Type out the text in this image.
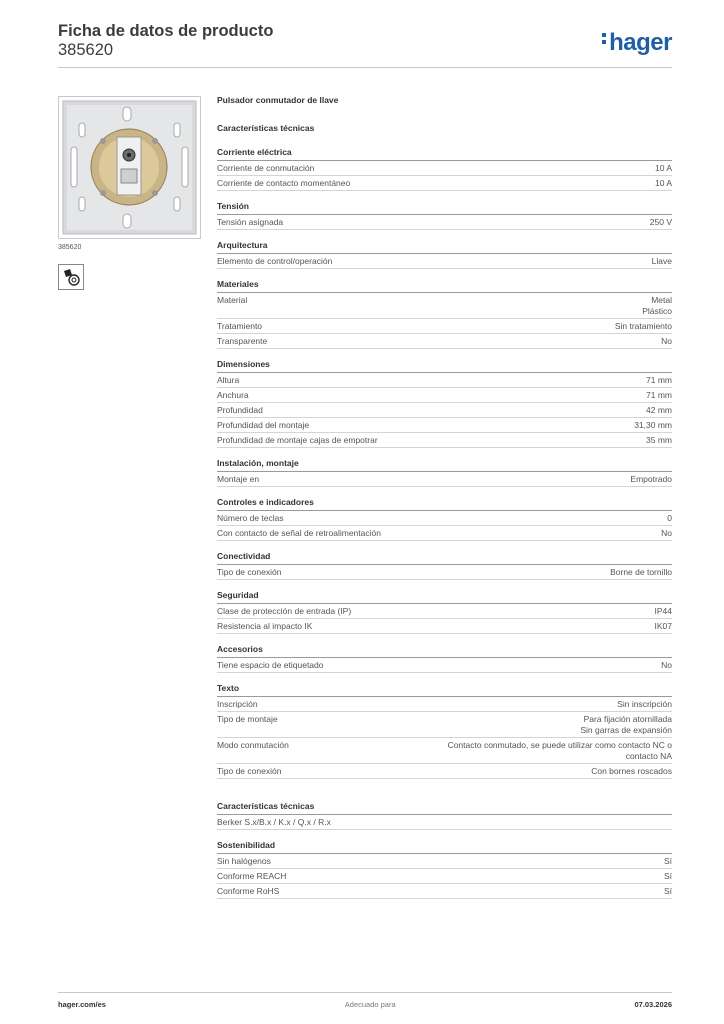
Ficha de datos de producto
385620	hager
385620
Pulsador conmutador de llave
Características técnicas
Corriente eléctrica
Corriente de conmutación	10 A
Corriente de contacto momentáneo	10 A
Tensión
Tensión asignada	250 V
Arquitectura
Elemento de control/operación	Llave
Materiales
Material	Metal
Plástico
Tratamiento	Sin tratamiento
Transparente	No
Dimensiones
Altura	71 mm
Anchura	71 mm
Profundidad	42 mm
Profundidad del montaje	31,30 mm
Profundidad de montaje cajas de empotrar	35 mm
Instalación, montaje
Montaje en	Empotrado
Controles e indicadores
Número de teclas	0
Con contacto de señal de retroalimentación	No
Conectividad
Tipo de conexión	Borne de tornillo
Seguridad
Clase de protección de entrada (IP)	IP44
Resistencia al impacto IK	IK07
Accesorios
Tiene espacio de etiquetado	No
Texto
Inscripción	Sin inscripción
Tipo de montaje	Para fijación atornillada
Sin garras de expansión
Modo conmutación	Contacto conmutado, se puede utilizar como contacto NC o
contacto NA
Tipo de conexión	Con bornes roscados
Características técnicas
Berker S.x/B.x / K.x / Q.x / R.x
Sostenibilidad
Sin halógenos	Sí
Conforme REACH	Sí
Conforme RoHS	Sí
hager.com/es	Adecuado para	07.03.2026
